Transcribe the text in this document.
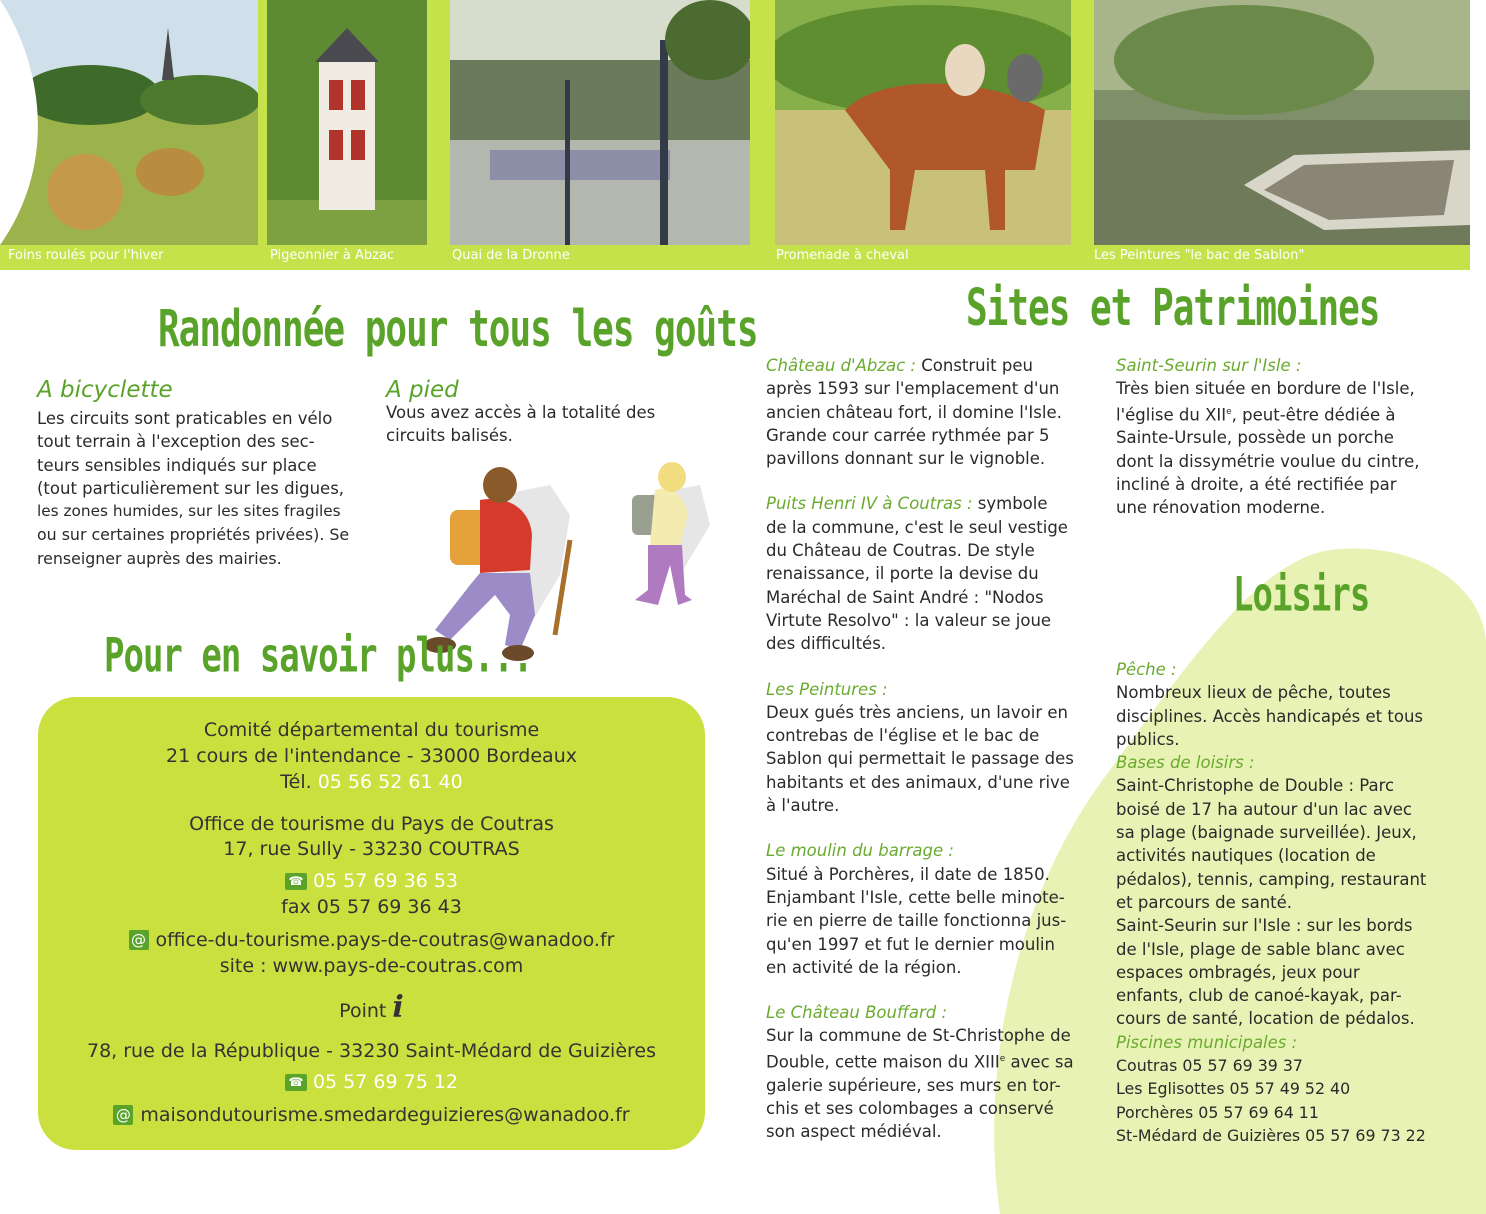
Foins roulés pour l'hiver	Pigeonnier à Abzac	Quai de la Dronne	Promenade à cheval	Les Peintures "le bac de Sablon"
Randonnée pour tous les goûts
A bicyclette
Les circuits sont praticables en vélo
tout terrain à l'exception des sec-
teurs sensibles indiqués sur place
(tout particulièrement sur les digues,
les zones humides, sur les sites fragiles
ou sur certaines propriétés privées). Se
renseigner auprès des mairies.
A pied
Vous avez accès à la totalité des
circuits balisés.
Pour en savoir plus...
Comité départemental du tourisme
21 cours de l'intendance - 33000 Bordeaux
Tél. 05 56 52 61 40
Office de tourisme du Pays de Coutras
17, rue Sully - 33230 COUTRAS
☎ 05 57 69 36 53
fax 05 57 69 36 43
@ office-du-tourisme.pays-de-coutras@wanadoo.fr
site : www.pays-de-coutras.com
Point i
78, rue de la République - 33230 Saint-Médard de Guizières
☎ 05 57 69 75 12
@ maisondutourisme.smedardeguizieres@wanadoo.fr
Sites et Patrimoines
Château d'Abzac : Construit peu
après 1593 sur l'emplacement d'un
ancien château fort, il domine l'Isle.
Grande cour carrée rythmée par 5
pavillons donnant sur le vignoble.
Puits Henri IV à Coutras : symbole
de la commune, c'est le seul vestige
du Château de Coutras. De style
renaissance, il porte la devise du
Maréchal de Saint André : "Nodos
Virtute Resolvo" : la valeur se joue
des difficultés.
Les Peintures :
Deux gués très anciens, un lavoir en
contrebas de l'église et le bac de
Sablon qui permettait le passage des
habitants et des animaux, d'une rive
à l'autre.
Le moulin du barrage :
Situé à Porchères, il date de 1850.
Enjambant l'Isle, cette belle minote-
rie en pierre de taille fonctionna jus-
qu'en 1997 et fut le dernier moulin
en activité de la région.
Le Château Bouffard :
Sur la commune de St-Christophe de
Double, cette maison du XIIIe avec sa
galerie supérieure, ses murs en tor-
chis et ses colombages a conservé
son aspect médiéval.
Saint-Seurin sur l'Isle :
Très bien située en bordure de l'Isle,
l'église du XIIe, peut-être dédiée à
Sainte-Ursule, possède un porche
dont la dissymétrie voulue du cintre,
incliné à droite, a été rectifiée par
une rénovation moderne.
Loisirs
Pêche :
Nombreux lieux de pêche, toutes
disciplines. Accès handicapés et tous
publics.
Bases de loisirs :
Saint-Christophe de Double : Parc
boisé de 17 ha autour d'un lac avec
sa plage (baignade surveillée). Jeux,
activités nautiques (location de
pédalos), tennis, camping, restaurant
et parcours de santé.
Saint-Seurin sur l'Isle : sur les bords
de l'Isle, plage de sable blanc avec
espaces ombragés, jeux pour
enfants, club de canoé-kayak, par-
cours de santé, location de pédalos.
Piscines municipales :
Coutras 05 57 69 39 37
Les Eglisottes 05 57 49 52 40
Porchères 05 57 69 64 11
St-Médard de Guizières 05 57 69 73 22
